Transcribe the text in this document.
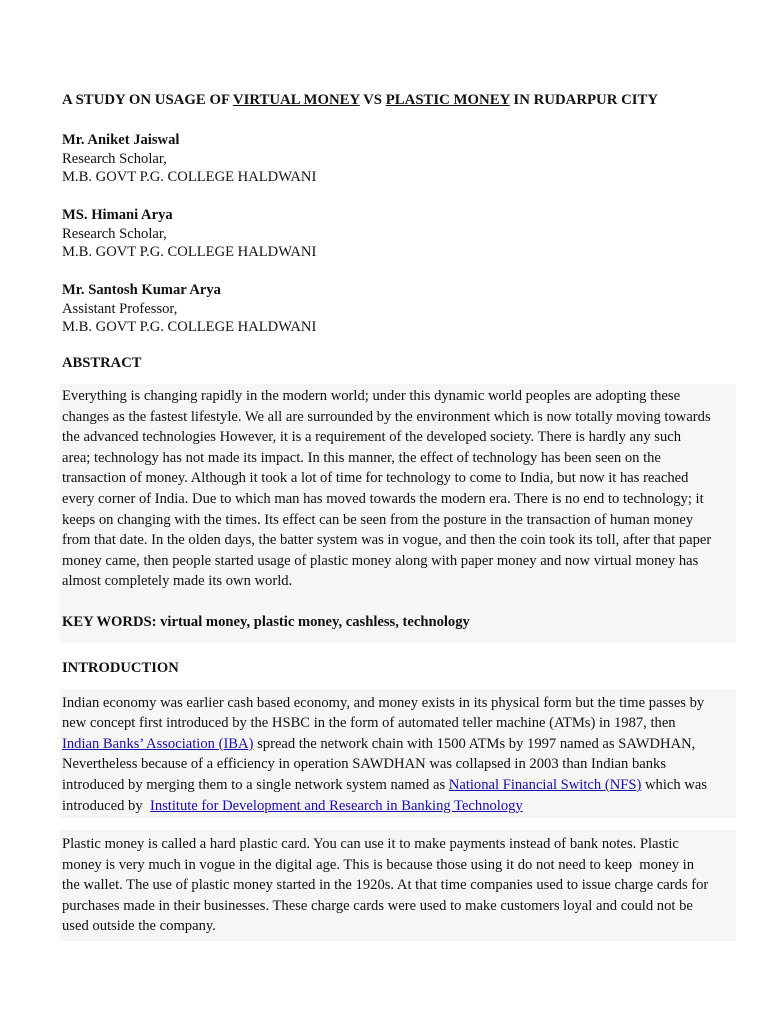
A STUDY ON USAGE OF VIRTUAL MONEY VS PLASTIC MONEY IN RUDARPUR CITY

Mr. Aniket Jaiswal
Research Scholar,
M.B. GOVT P.G. COLLEGE HALDWANI
MS. Himani Arya
Research Scholar,
M.B. GOVT P.G. COLLEGE HALDWANI
Mr. Santosh Kumar Arya
Assistant Professor,
M.B. GOVT P.G. COLLEGE HALDWANI

ABSTRACT

Everything is changing rapidly in the modern world; under this dynamic world peoples are adopting these
changes as the fastest lifestyle. We all are surrounded by the environment which is now totally moving towards
the advanced technologies However, it is a requirement of the developed society. There is hardly any such
area; technology has not made its impact. In this manner, the effect of technology has been seen on the
transaction of money. Although it took a lot of time for technology to come to India, but now it has reached
every corner of India. Due to which man has moved towards the modern era. There is no end to technology; it
keeps on changing with the times. Its effect can be seen from the posture in the transaction of human money
from that date. In the olden days, the batter system was in vogue, and then the coin took its toll, after that paper
money came, then people started usage of plastic money along with paper money and now virtual money has
almost completely made its own world.
KEY WORDS: virtual money, plastic money, cashless, technology

INTRODUCTION

Indian economy was earlier cash based economy, and money exists in its physical form but the time passes by
new concept first introduced by the HSBC in the form of automated teller machine (ATMs) in 1987, then
Indian Banks’ Association (IBA) spread the network chain with 1500 ATMs by 1997 named as SAWDHAN,
Nevertheless because of a efficiency in operation SAWDHAN was collapsed in 2003 than Indian banks
introduced by merging them to a single network system named as National Financial Switch (NFS) which was
introduced by  Institute for Development and Research in Banking Technology
Plastic money is called a hard plastic card. You can use it to make payments instead of bank notes. Plastic
money is very much in vogue in the digital age. This is because those using it do not need to keep  money in
the wallet. The use of plastic money started in the 1920s. At that time companies used to issue charge cards for
purchases made in their businesses. These charge cards were used to make customers loyal and could not be
used outside the company.
